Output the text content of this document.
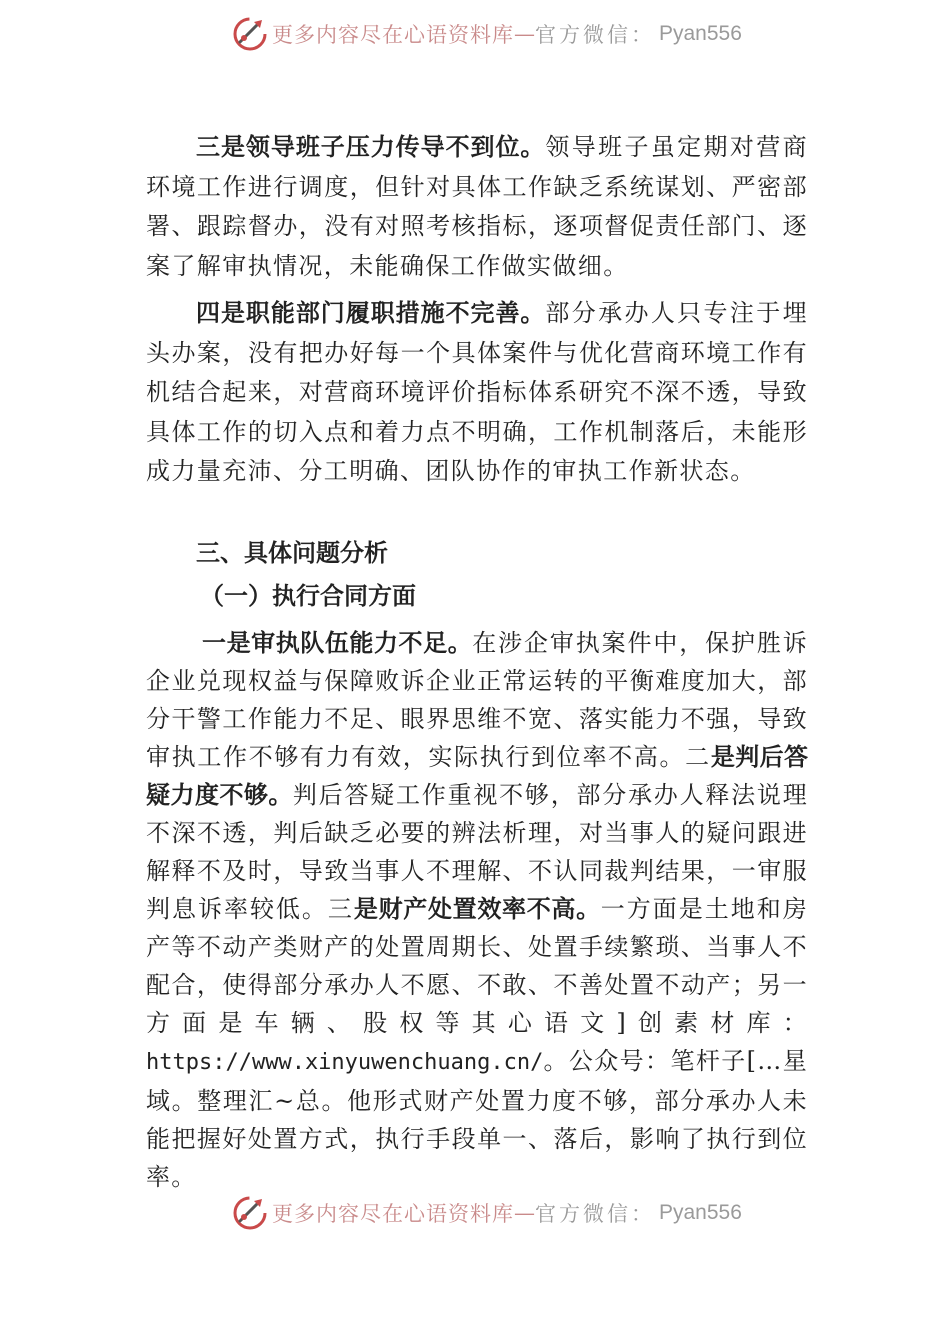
更多内容尽在心语资料库 — 官方微信： Pyan556

三是领导班子压力传导不到位。领导班子虽定期对营商环境工作进行调度，但针对具体工作缺乏系统谋划、严密部署、跟踪督办，没有对照考核指标，逐项督促责任部门、逐案了解审执情况，未能确保工作做实做细。

四是职能部门履职措施不完善。部分承办人只专注于埋头办案，没有把办好每一个具体案件与优化营商环境工作有机结合起来，对营商环境评价指标体系研究不深不透，导致具体工作的切入点和着力点不明确，工作机制落后，未能形成力量充沛、分工明确、团队协作的审执工作新状态。

三、具体问题分析
（一）执行合同方面

一是审执队伍能力不足。在涉企审执案件中，保护胜诉企业兑现权益与保障败诉企业正常运转的平衡难度加大，部分干警工作能力不足、眼界思维不宽、落实能力不强，导致审执工作不够有力有效，实际执行到位率不高。二是判后答疑力度不够。判后答疑工作重视不够，部分承办人释法说理不深不透，判后缺乏必要的辨法析理，对当事人的疑问跟进解释不及时，导致当事人不理解、不认同裁判结果，一审服判息诉率较低。三是财产处置效率不高。一方面是土地和房产等不动产类财产的处置周期长、处置手续繁琐、当事人不配合，使得部分承办人不愿、不敢、不善处置不动产；另一方面是车辆、股权等其心语文]创素材库：https://www.xinyuwenchuang.cn/。公众号：笔杆子[…星域。整理汇~总。他形式财产处置力度不够，部分承办人未能把握好处置方式，执行手段单一、落后，影响了执行到位率。

更多内容尽在心语资料库 — 官方微信： Pyan556
